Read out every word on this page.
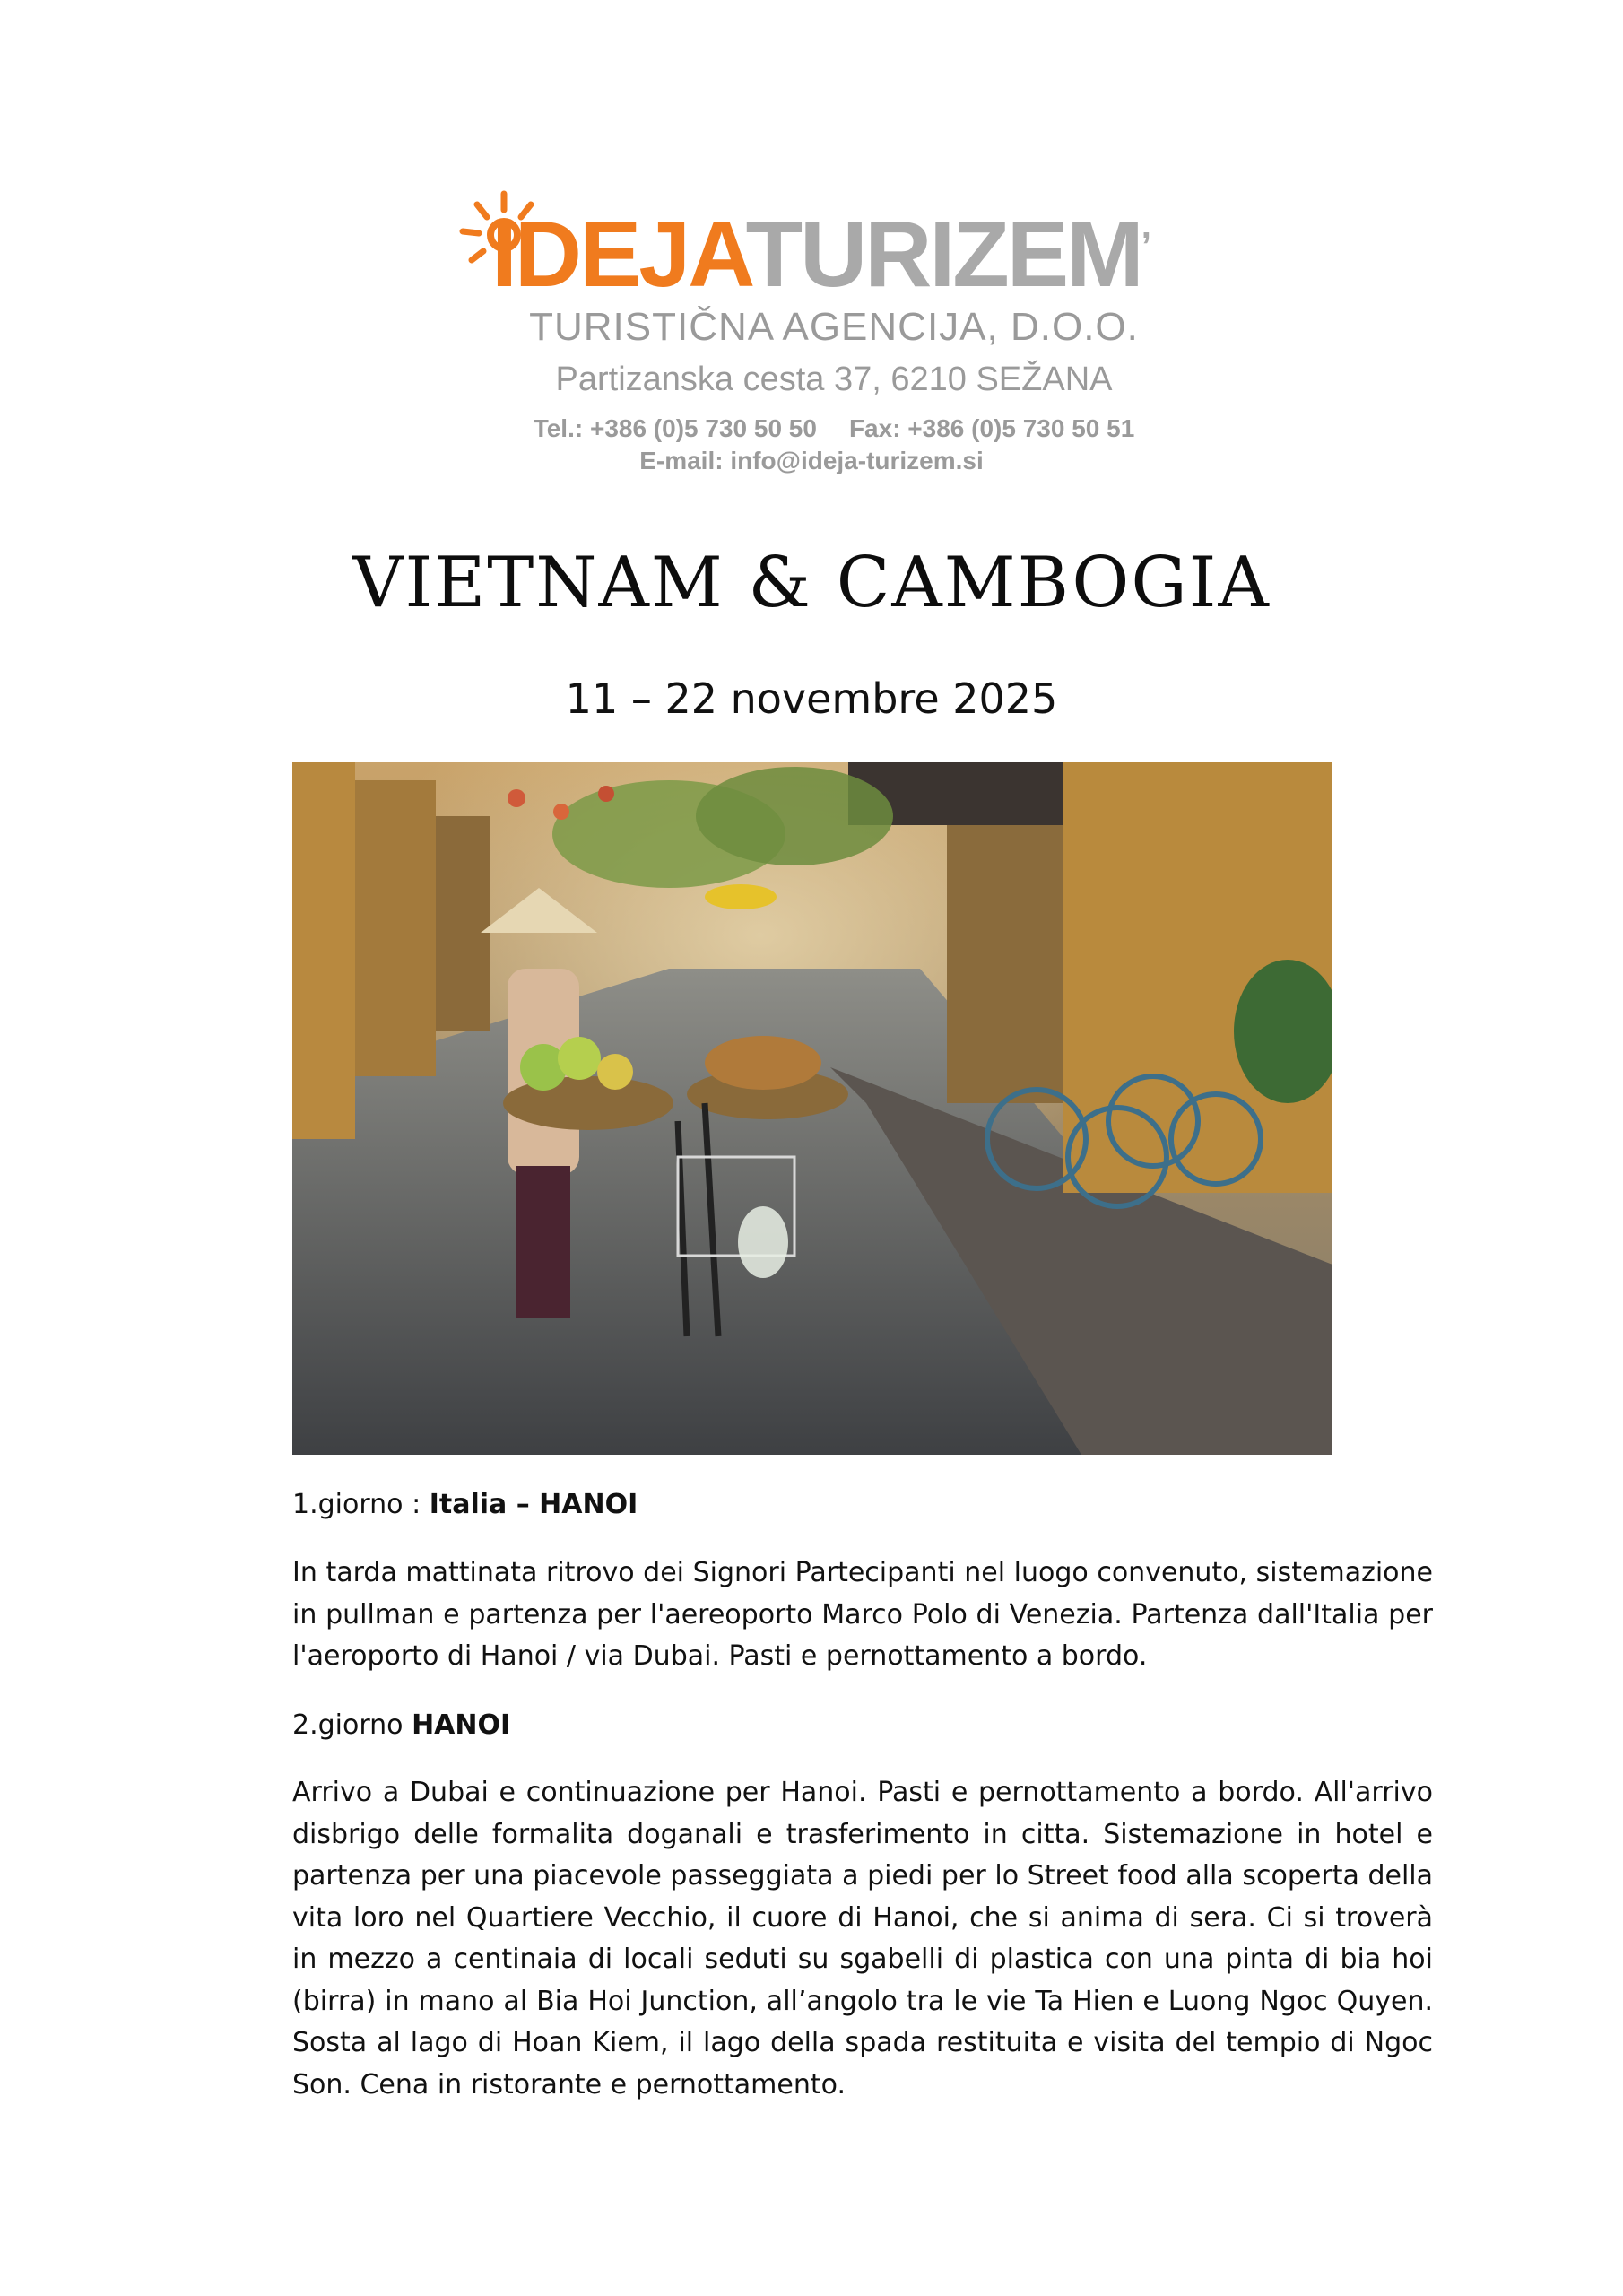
IDEJATURIZEM,
TURISTIČNA AGENCIJA, D.O.O.
Partizanska cesta 37, 6210 SEŽANA
Tel.: +386 (0)5 730 50 50 Fax: +386 (0)5 730 50 51
E-mail: info@ideja-turizem.si
VIETNAM & CAMBOGIA
11 – 22 novembre 2025
1.giorno : Italia – HANOI

In tarda mattinata ritrovo dei Signori Partecipanti nel luogo convenuto, sistemazione in pullman e partenza per l'aereoporto Marco Polo di Venezia. Partenza dall'Italia per l'aeroporto di Hanoi / via Dubai. Pasti e pernottamento a bordo.

2.giorno HANOI

Arrivo a Dubai e continuazione per Hanoi. Pasti e pernottamento a bordo. All'arrivo disbrigo delle formalita doganali e trasferimento in citta. Sistemazione in hotel e partenza per una piacevole passeggiata a piedi per lo Street food alla scoperta della vita loro nel Quartiere Vecchio, il cuore di Hanoi, che si anima di sera. Ci si troverà in mezzo a centinaia di locali seduti su sgabelli di plastica con una pinta di bia hoi (birra) in mano al Bia Hoi Junction, all’angolo tra le vie Ta Hien e Luong Ngoc Quyen. Sosta al lago di Hoan Kiem, il lago della spada restituita e visita del tempio di Ngoc Son. Cena in ristorante e pernottamento.
